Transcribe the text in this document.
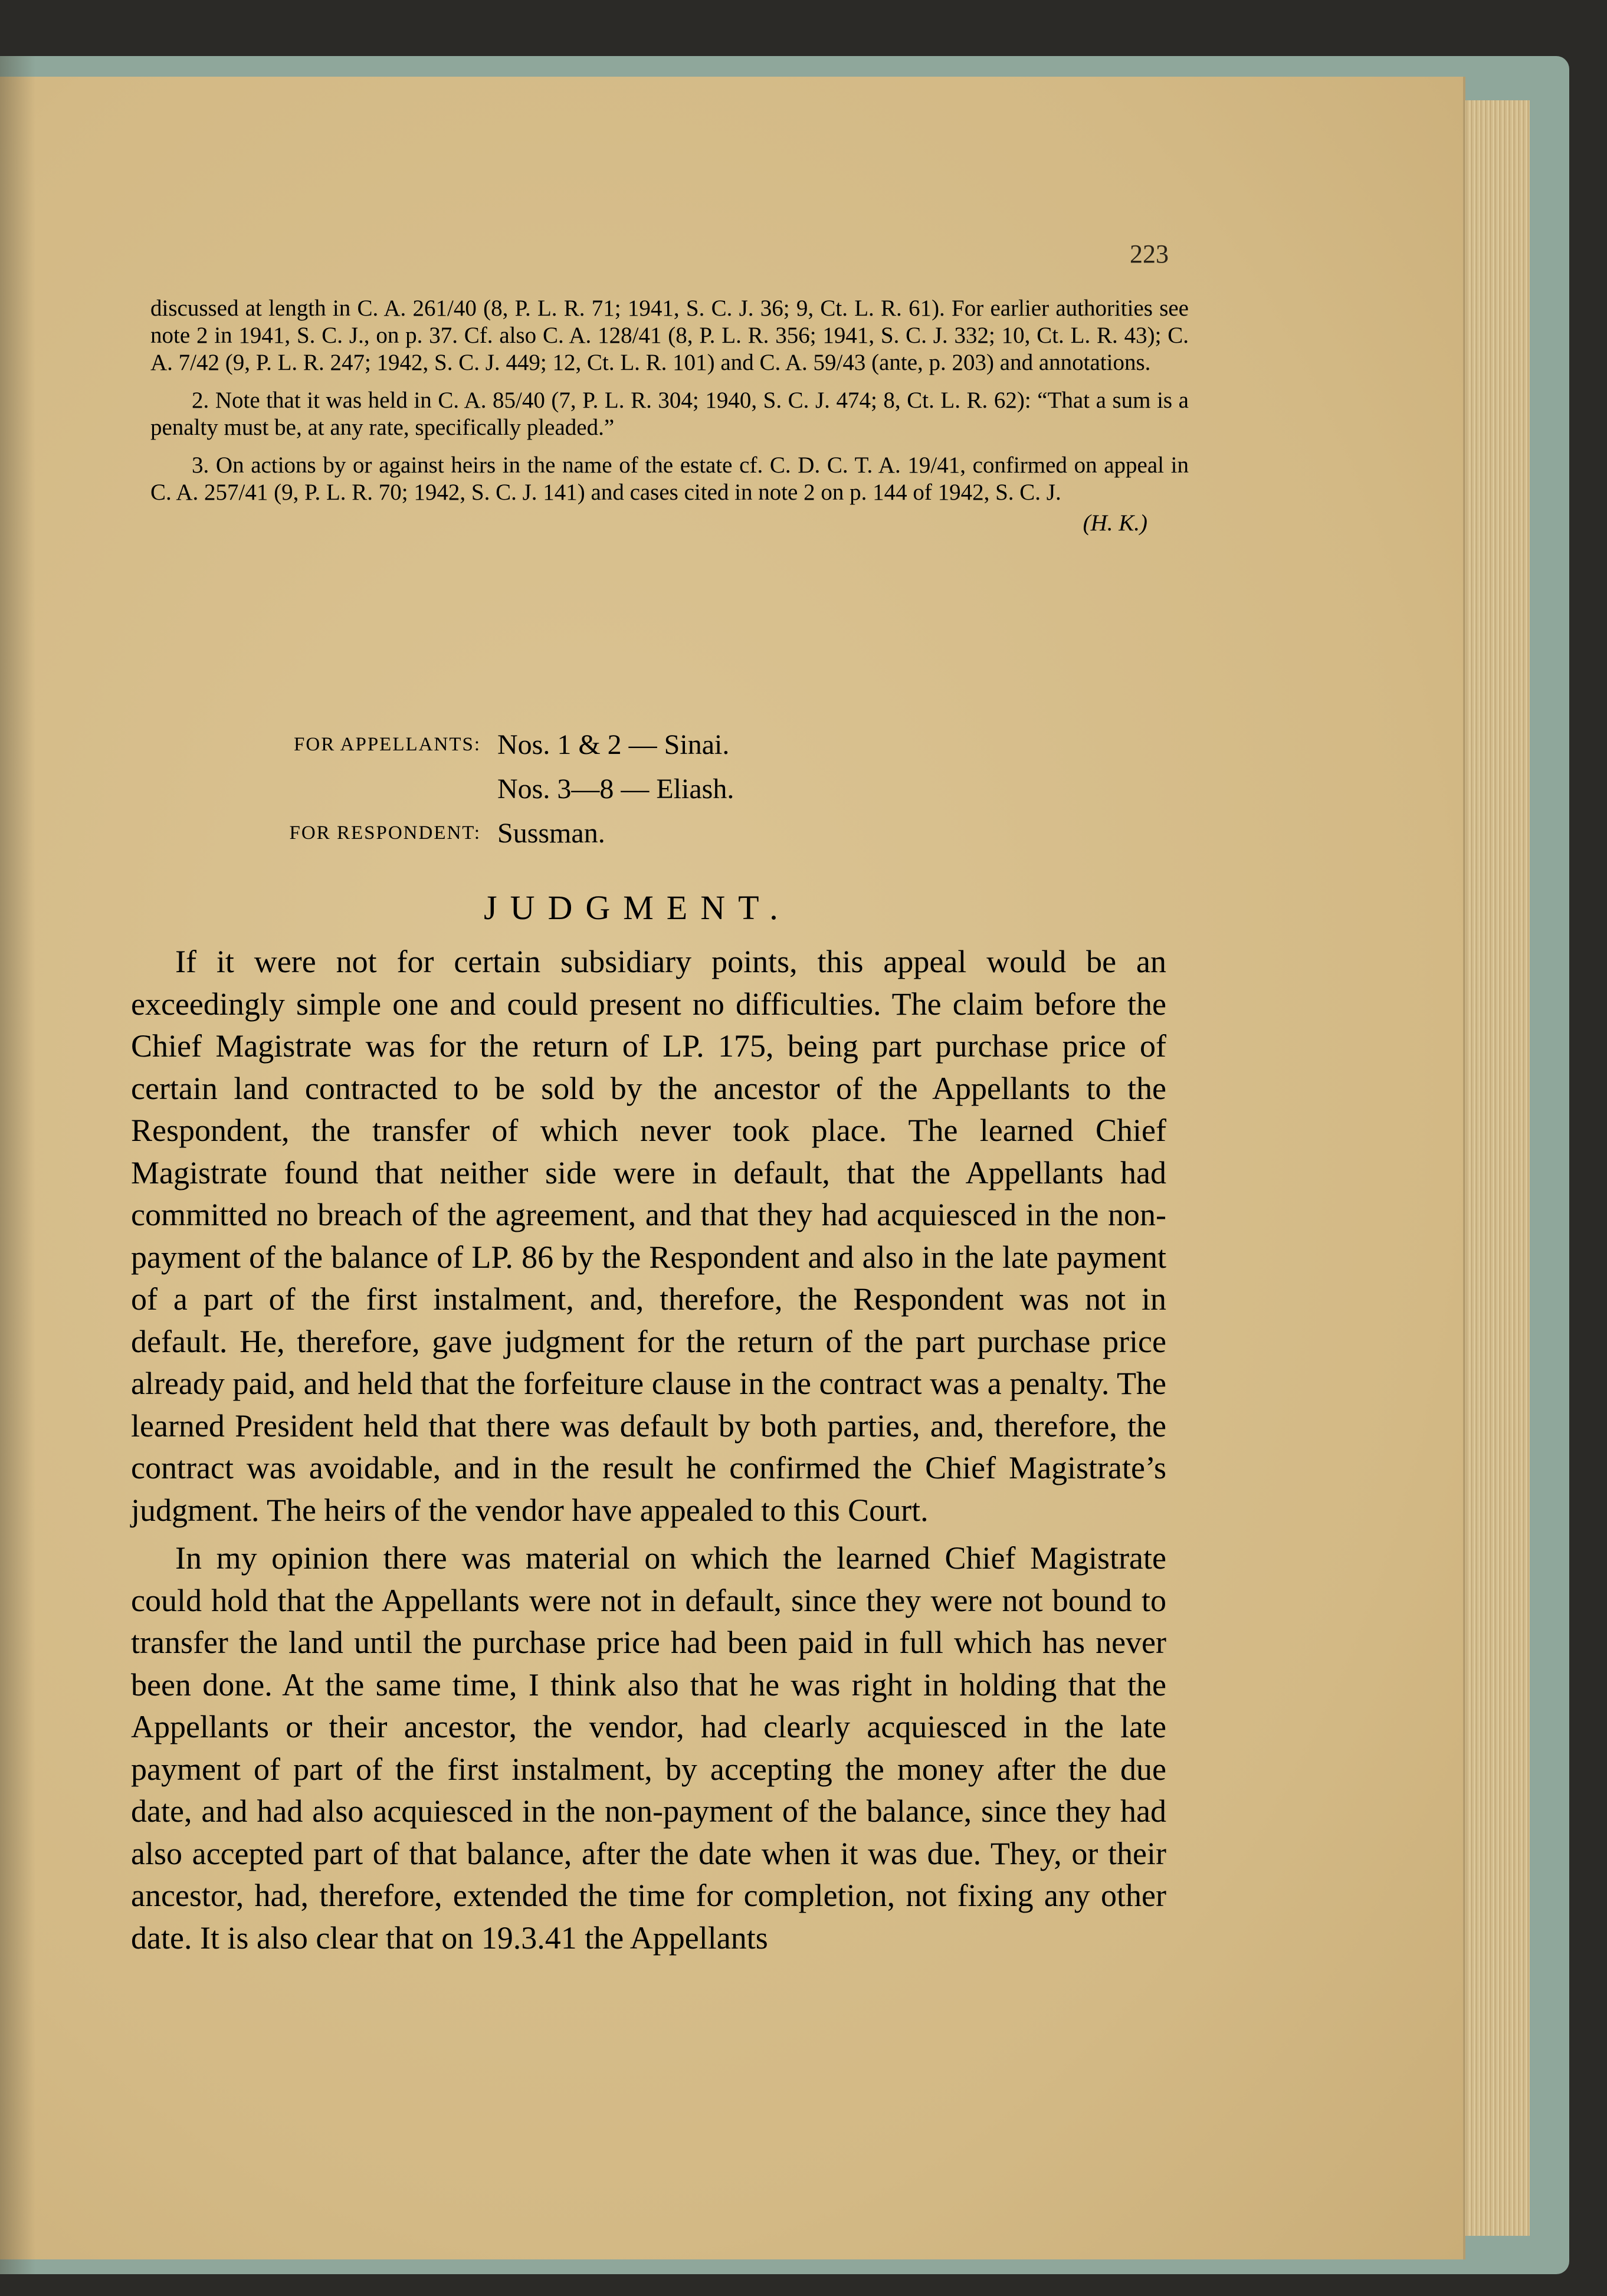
223

discussed at length in C. A. 261/40 (8, P. L. R. 71; 1941, S. C. J. 36; 9, Ct. L. R. 61). For earlier authorities see note 2 in 1941, S. C. J., on p. 37. Cf. also C. A. 128/41 (8, P. L. R. 356; 1941, S. C. J. 332; 10, Ct. L. R. 43); C. A. 7/42 (9, P. L. R. 247; 1942, S. C. J. 449; 12, Ct. L. R. 101) and C. A. 59/43 (ante, p. 203) and annotations.

2. Note that it was held in C. A. 85/40 (7, P. L. R. 304; 1940, S. C. J. 474; 8, Ct. L. R. 62): “That a sum is a penalty must be, at any rate, specifically pleaded.”

3. On actions by or against heirs in the name of the estate cf. C. D. C. T. A. 19/41, confirmed on appeal in C. A. 257/41 (9, P. L. R. 70; 1942, S. C. J. 141) and cases cited in note 2 on p. 144 of 1942, S. C. J.

(H. K.)

FOR APPELLANTS: Nos. 1 & 2 — Sinai.
Nos. 3—8 — Eliash.
FOR RESPONDENT: Sussman.
JUDGMENT.

If it were not for certain subsidiary points, this appeal would be an exceedingly simple one and could present no difficulties. The claim before the Chief Magistrate was for the return of LP. 175, being part purchase price of certain land contracted to be sold by the ancestor of the Appellants to the Respondent, the transfer of which never took place. The learned Chief Magistrate found that neither side were in default, that the Appellants had committed no breach of the agreement, and that they had acquiesced in the non-payment of the balance of LP. 86 by the Respondent and also in the late payment of a part of the first instalment, and, therefore, the Respondent was not in default. He, therefore, gave judgment for the return of the part purchase price already paid, and held that the forfeiture clause in the contract was a penalty. The learned President held that there was default by both parties, and, therefore, the contract was avoidable, and in the result he confirmed the Chief Magistrate’s judgment. The heirs of the vendor have appealed to this Court.

In my opinion there was material on which the learned Chief Magistrate could hold that the Appellants were not in default, since they were not bound to transfer the land until the purchase price had been paid in full which has never been done. At the same time, I think also that he was right in holding that the Appellants or their ancestor, the vendor, had clearly acquiesced in the late payment of part of the first instalment, by accepting the money after the due date, and had also acquiesced in the non-payment of the balance, since they had also accepted part of that balance, after the date when it was due. They, or their ancestor, had, therefore, extended the time for completion, not fixing any other date. It is also clear that on 19.3.41 the Appellants
